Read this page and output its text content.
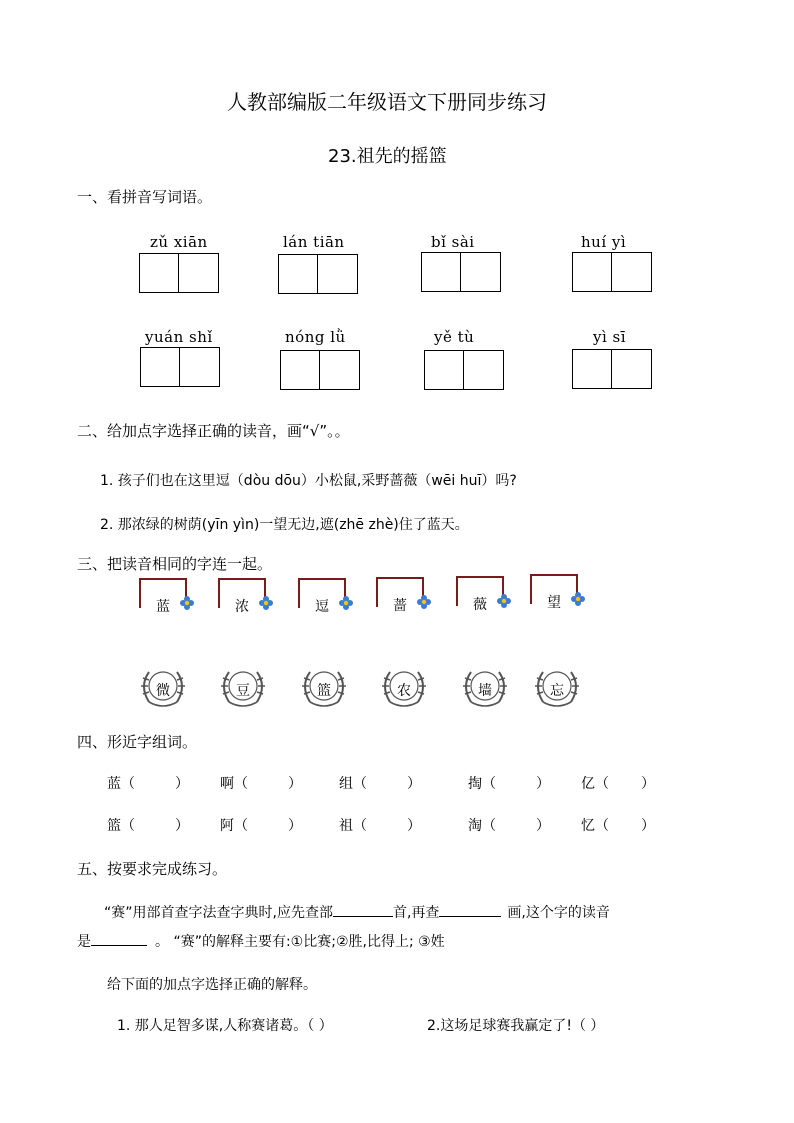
人教部编版二年级语文下册同步练习
23.祖先的摇篮
一、看拼音写词语。
zǔ xiān	lán tiān	bǐ sài	huí yì
yuán shǐ	nóng lǜ	yě tù	yì sī
二、给加点字选择正确的读音，画“√”。。
1. 孩子们也在这里逗（dòu dōu）小松鼠,采野蔷薇（wēi huī）吗?
2. 那浓绿的树荫(yīn yìn)一望无边,遮(zhē zhè)住了蓝天。
三、把读音相同的字连一起。
蓝	浓	逗	蔷	薇	望
微	豆	篮	农	墙	忘
四、形近字组词。
蓝（	） 啊（	）	组（	）	掏（	） 亿（ ）
篮（	） 阿（	）	祖（	）	淘（	） 忆（ ）
五、按要求完成练习。
“赛”用部首查字法查字典时,应先查部	首,再查	画,这个字的读音
是	。 “赛”的解释主要有:①比赛;②胜,比得上; ③姓
给下面的加点字选择正确的解释。
1. 那人足智多谋,人称赛诸葛。（ ）	2.这场足球赛我赢定了!（ ）
